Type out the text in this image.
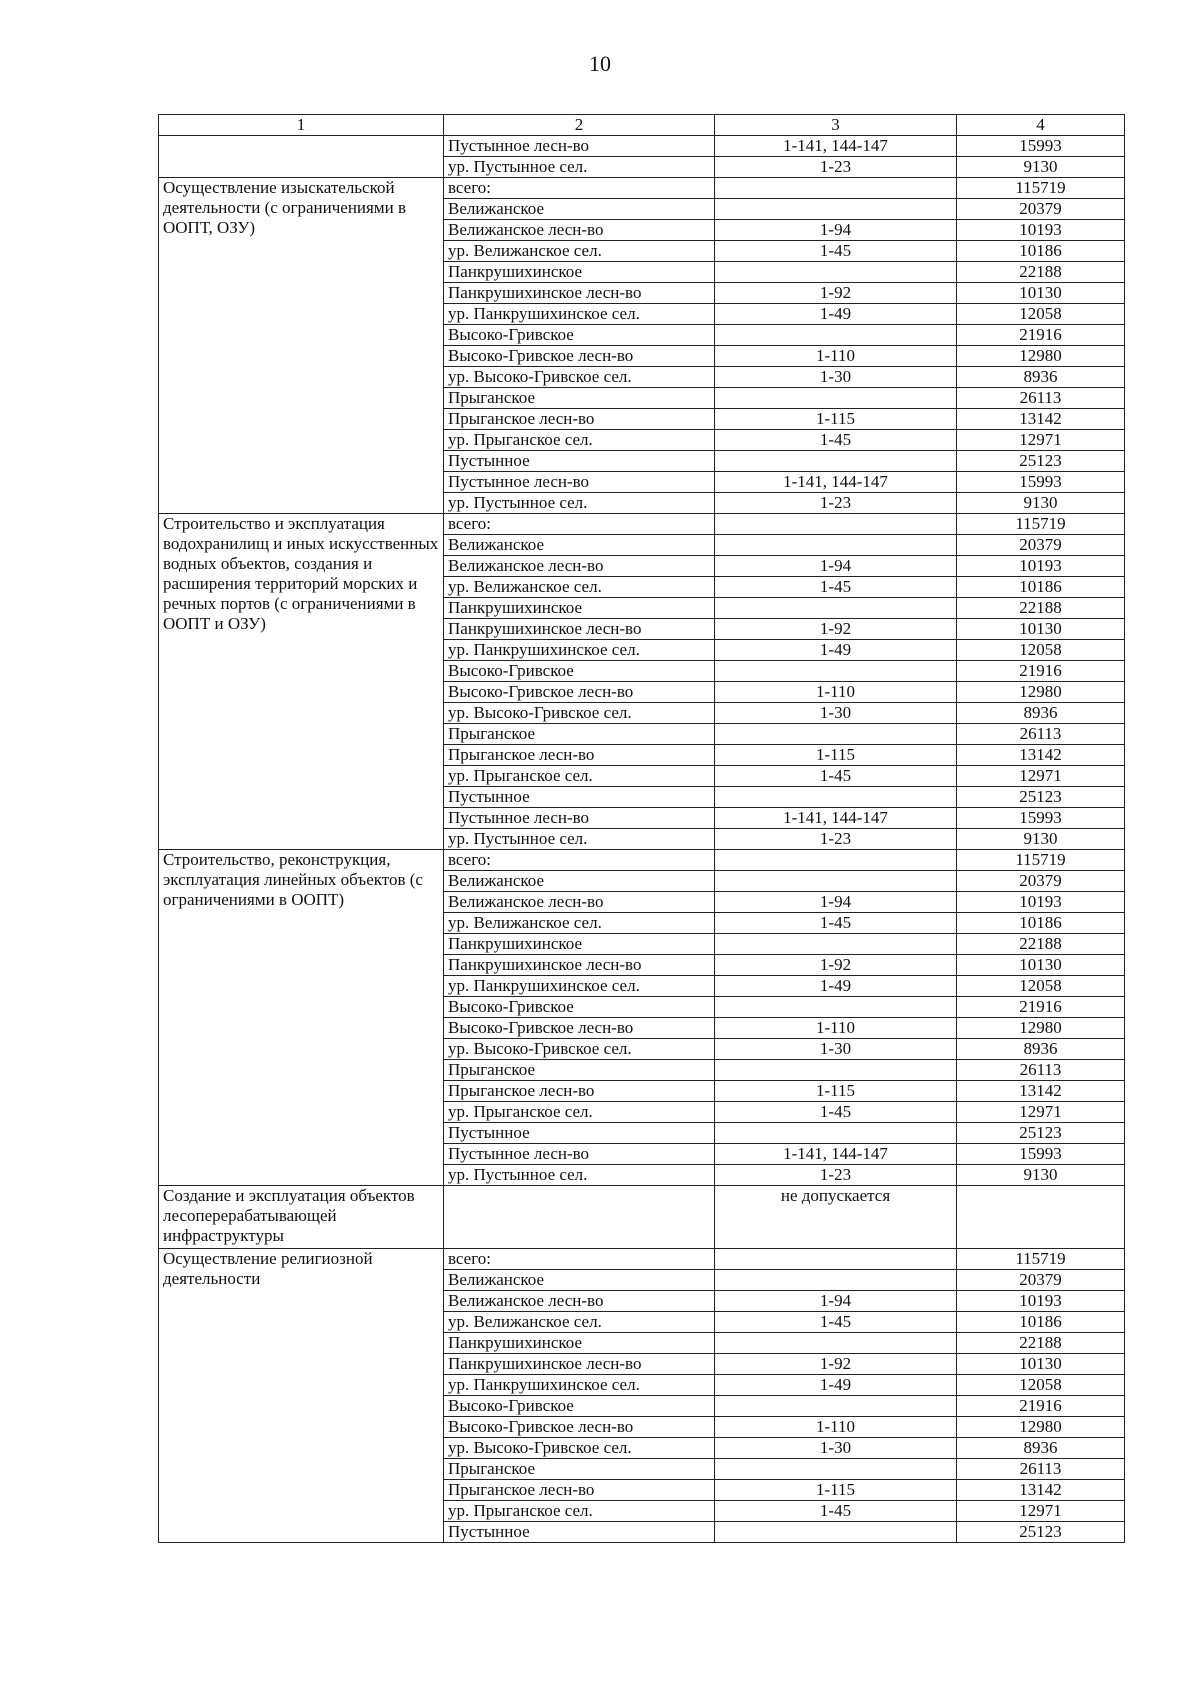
10
1	2	3	4
	Пустынное лесн-во	1-141, 144-147	15993
	ур. Пустынное сел.	1-23	9130
Осуществление изыскательской деятельности (с ограничениями в ООПТ, ОЗУ)	всего:		115719
	Велижанское		20379
	Велижанское лесн-во	1-94	10193
	ур. Велижанское сел.	1-45	10186
	Панкрушихинское		22188
	Панкрушихинское лесн-во	1-92	10130
	ур. Панкрушихинское сел.	1-49	12058
	Высоко-Гривское		21916
	Высоко-Гривское лесн-во	1-110	12980
	ур. Высоко-Гривское сел.	1-30	8936
	Прыганское		26113
	Прыганское лесн-во	1-115	13142
	ур. Прыганское сел.	1-45	12971
	Пустынное		25123
	Пустынное лесн-во	1-141, 144-147	15993
	ур. Пустынное сел.	1-23	9130
Строительство и эксплуатация водохранилищ и иных искусственных водных объектов, создания и расширения территорий морских и речных портов (с ограничениями в ООПТ и ОЗУ)	всего:		115719
	Велижанское		20379
	Велижанское лесн-во	1-94	10193
	ур. Велижанское сел.	1-45	10186
	Панкрушихинское		22188
	Панкрушихинское лесн-во	1-92	10130
	ур. Панкрушихинское сел.	1-49	12058
	Высоко-Гривское		21916
	Высоко-Гривское лесн-во	1-110	12980
	ур. Высоко-Гривское сел.	1-30	8936
	Прыганское		26113
	Прыганское лесн-во	1-115	13142
	ур. Прыганское сел.	1-45	12971
	Пустынное		25123
	Пустынное лесн-во	1-141, 144-147	15993
	ур. Пустынное сел.	1-23	9130
Строительство, реконструкция, эксплуатация линейных объектов (с ограничениями в ООПТ)	всего:		115719
	Велижанское		20379
	Велижанское лесн-во	1-94	10193
	ур. Велижанское сел.	1-45	10186
	Панкрушихинское		22188
	Панкрушихинское лесн-во	1-92	10130
	ур. Панкрушихинское сел.	1-49	12058
	Высоко-Гривское		21916
	Высоко-Гривское лесн-во	1-110	12980
	ур. Высоко-Гривское сел.	1-30	8936
	Прыганское		26113
	Прыганское лесн-во	1-115	13142
	ур. Прыганское сел.	1-45	12971
	Пустынное		25123
	Пустынное лесн-во	1-141, 144-147	15993
	ур. Пустынное сел.	1-23	9130
Создание и эксплуатация объектов лесоперерабатывающей инфраструктуры		не допускается	
Осуществление религиозной деятельности	всего:		115719
	Велижанское		20379
	Велижанское лесн-во	1-94	10193
	ур. Велижанское сел.	1-45	10186
	Панкрушихинское		22188
	Панкрушихинское лесн-во	1-92	10130
	ур. Панкрушихинское сел.	1-49	12058
	Высоко-Гривское		21916
	Высоко-Гривское лесн-во	1-110	12980
	ур. Высоко-Гривское сел.	1-30	8936
	Прыганское		26113
	Прыганское лесн-во	1-115	13142
	ур. Прыганское сел.	1-45	12971
	Пустынное		25123
